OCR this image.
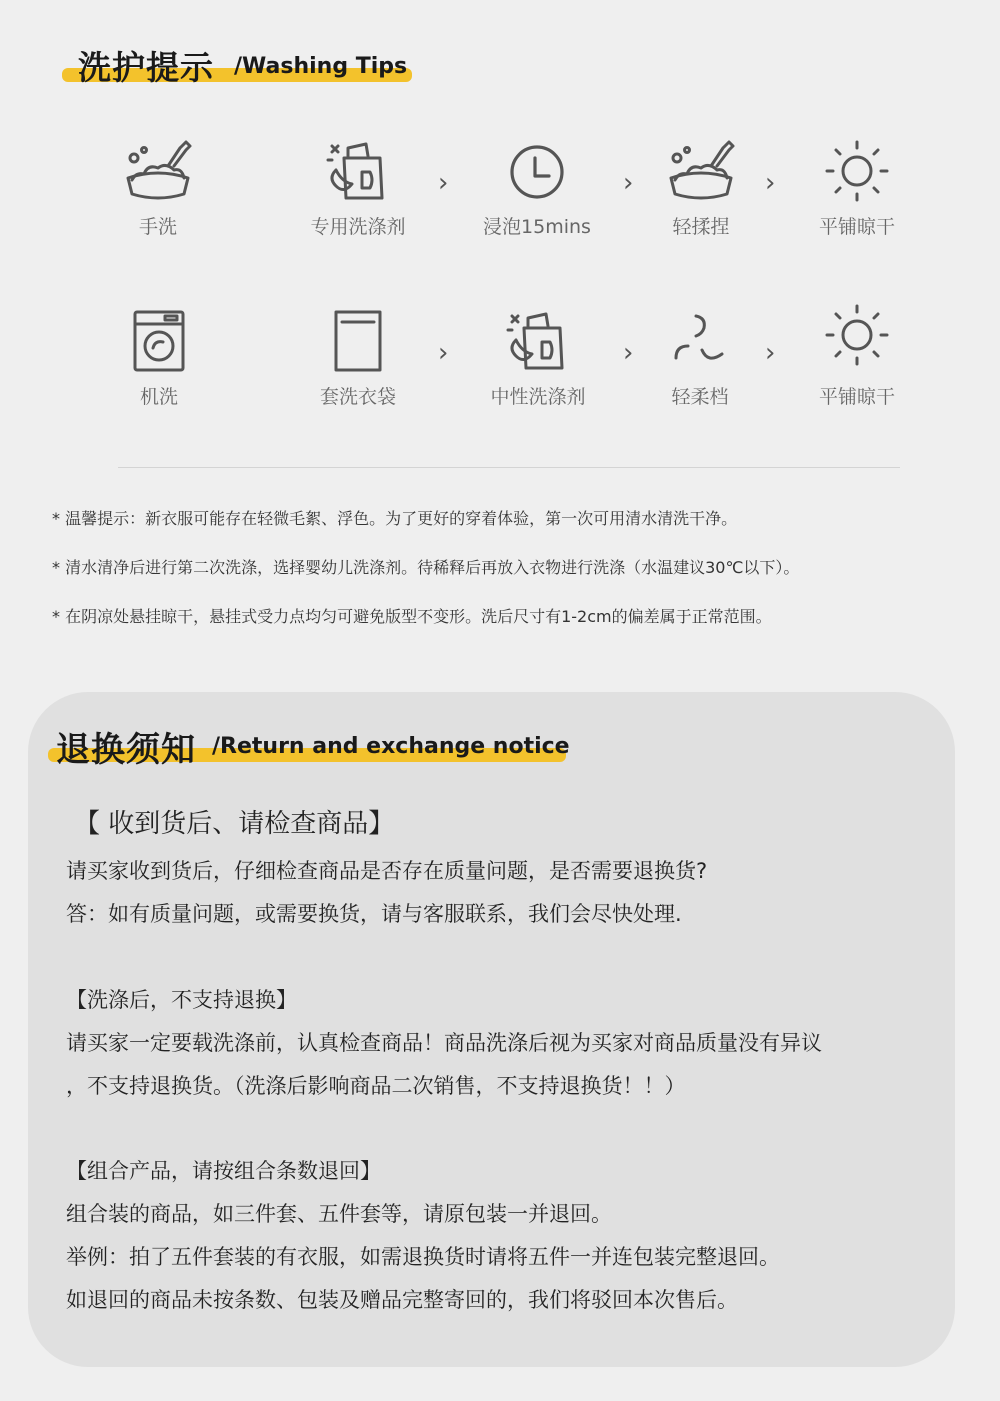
洗护提示 /Washing Tips
手洗	专用洗涤剂
›
浸泡15mins
›
轻揉捏
›
平铺晾干
机洗	套洗衣袋
›
中性洗涤剂
›
轻柔档
›
平铺晾干
* 温馨提示：新衣服可能存在轻微毛絮、浮色。为了更好的穿着体验，第一次可用清水清洗干净。
* 清水清净后进行第二次洗涤，选择婴幼儿洗涤剂。待稀释后再放入衣物进行洗涤（水温建议30℃以下）。
* 在阴凉处悬挂晾干，悬挂式受力点均匀可避免版型不变形。洗后尺寸有1-2cm的偏差属于正常范围。
退换须知 /Return and exchange notice
【 收到货后、请检查商品】
请买家收到货后，仔细检查商品是否存在质量问题，是否需要退换货?
答：如有质量问题，或需要换货，请与客服联系，我们会尽快处理.
【洗涤后，不支持退换】
请买家一定要载洗涤前，认真检查商品！商品洗涤后视为买家对商品质量没有异议
，不支持退换货。（洗涤后影响商品二次销售，不支持退换货！！）
【组合产品，请按组合条数退回】
组合装的商品，如三件套、五件套等，请原包装一并退回。
举例：拍了五件套装的有衣服，如需退换货时请将五件一并连包装完整退回。
如退回的商品未按条数、包装及赠品完整寄回的，我们将驳回本次售后。
